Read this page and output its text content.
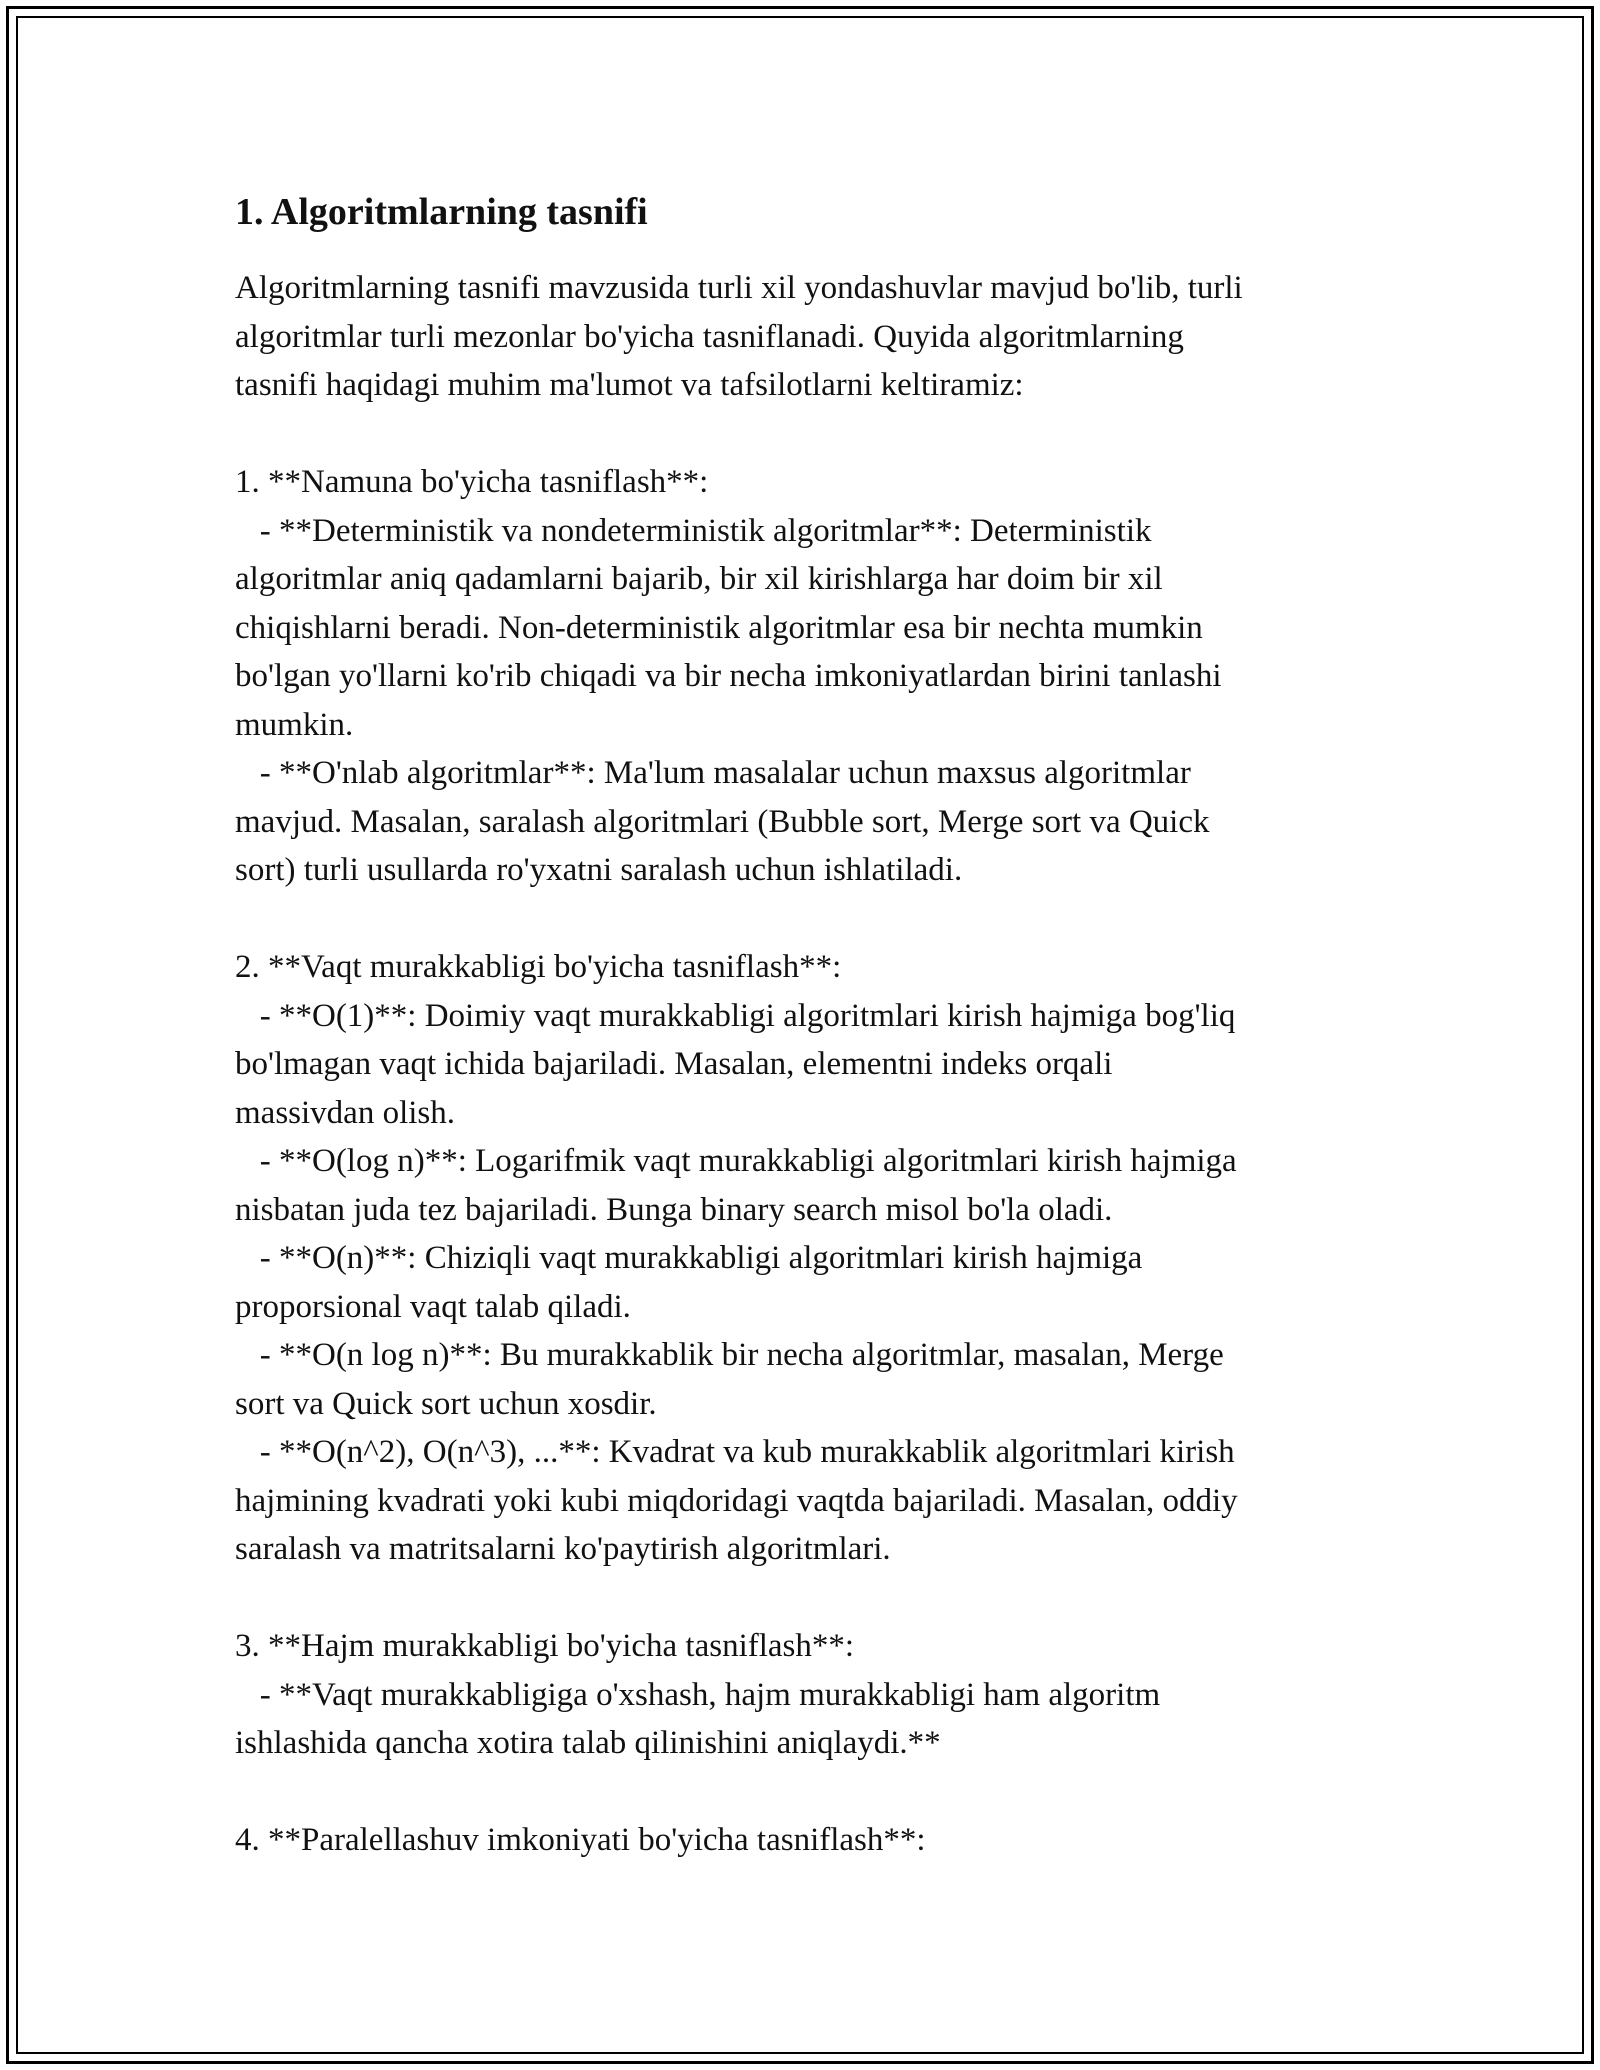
1. Algoritmlarning tasnifi

Algoritmlarning tasnifi mavzusida turli xil yondashuvlar mavjud bo'lib, turli
algoritmlar turli mezonlar bo'yicha tasniflanadi. Quyida algoritmlarning
tasnifi haqidagi muhim ma'lumot va tafsilotlarni keltiramiz:

1. **Namuna bo'yicha tasniflash**:
- **Deterministik va nondeterministik algoritmlar**: Deterministik
algoritmlar aniq qadamlarni bajarib, bir xil kirishlarga har doim bir xil
chiqishlarni beradi. Non-deterministik algoritmlar esa bir nechta mumkin
bo'lgan yo'llarni ko'rib chiqadi va bir necha imkoniyatlardan birini tanlashi
mumkin.
- **O'nlab algoritmlar**: Ma'lum masalalar uchun maxsus algoritmlar
mavjud. Masalan, saralash algoritmlari (Bubble sort, Merge sort va Quick
sort) turli usullarda ro'yxatni saralash uchun ishlatiladi.

2. **Vaqt murakkabligi bo'yicha tasniflash**:
- **O(1)**: Doimiy vaqt murakkabligi algoritmlari kirish hajmiga bog'liq
bo'lmagan vaqt ichida bajariladi. Masalan, elementni indeks orqali
massivdan olish.
- **O(log n)**: Logarifmik vaqt murakkabligi algoritmlari kirish hajmiga
nisbatan juda tez bajariladi. Bunga binary search misol bo'la oladi.
- **O(n)**: Chiziqli vaqt murakkabligi algoritmlari kirish hajmiga
proporsional vaqt talab qiladi.
- **O(n log n)**: Bu murakkablik bir necha algoritmlar, masalan, Merge
sort va Quick sort uchun xosdir.
- **O(n^2), O(n^3), ...**: Kvadrat va kub murakkablik algoritmlari kirish
hajmining kvadrati yoki kubi miqdoridagi vaqtda bajariladi. Masalan, oddiy
saralash va matritsalarni ko'paytirish algoritmlari.

3. **Hajm murakkabligi bo'yicha tasniflash**:
- **Vaqt murakkabligiga o'xshash, hajm murakkabligi ham algoritm
ishlashida qancha xotira talab qilinishini aniqlaydi.**

4. **Paralellashuv imkoniyati bo'yicha tasniflash**:
